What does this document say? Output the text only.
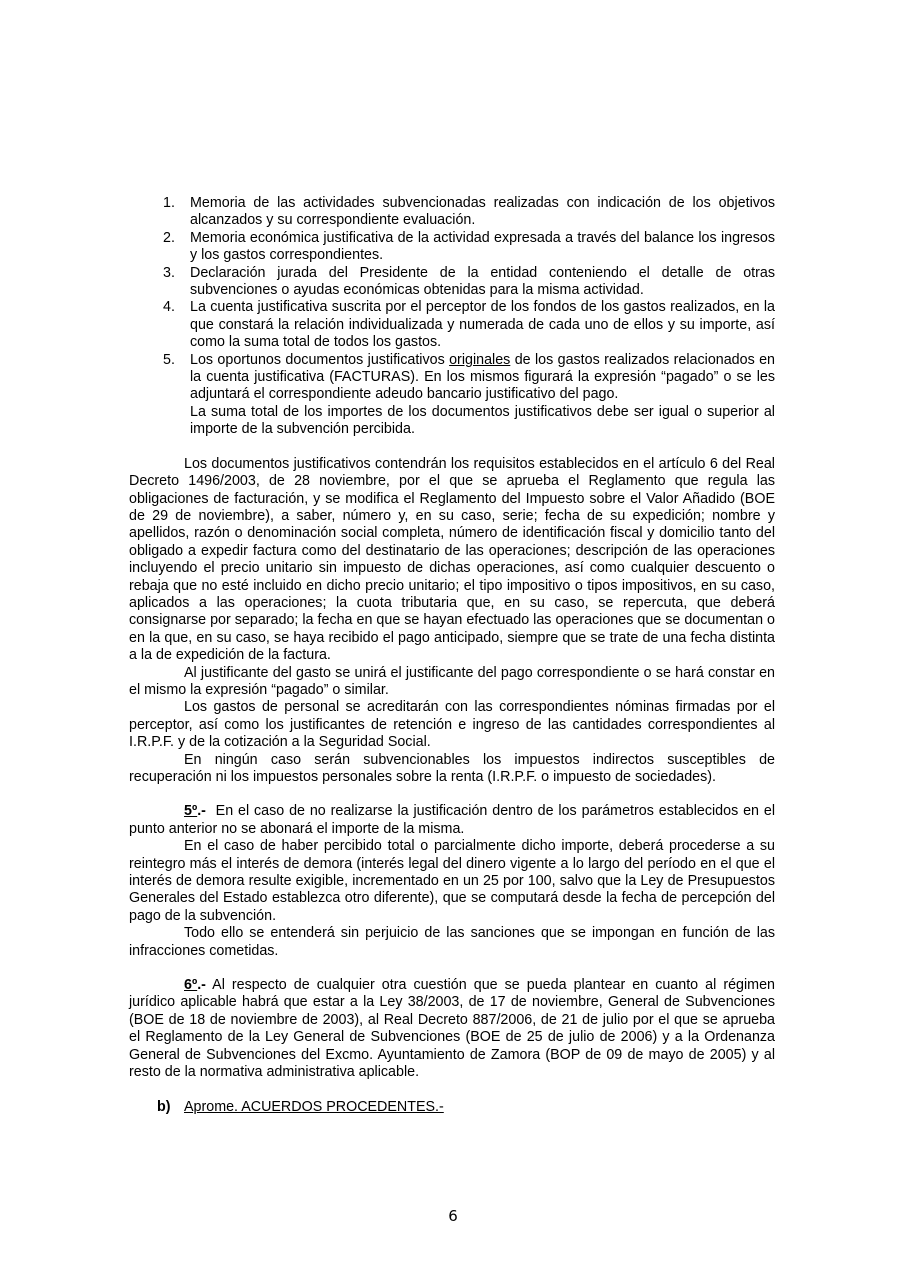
1. Memoria de las actividades subvencionadas realizadas con indicación de los objetivos alcanzados y su correspondiente evaluación.
2. Memoria económica justificativa de la actividad expresada a través del balance los ingresos y los gastos correspondientes.
3. Declaración jurada del Presidente de la entidad conteniendo el detalle de otras subvenciones o ayudas económicas obtenidas para la misma actividad.
4. La cuenta justificativa suscrita por el perceptor de los fondos de los gastos realizados, en la que constará la relación individualizada y numerada de cada uno de ellos y su importe, así como la suma total de todos los gastos.
5. Los oportunos documentos justificativos originales de los gastos realizados relacionados en la cuenta justificativa (FACTURAS). En los mismos figurará la expresión “pagado” o se les adjuntará el correspondiente adeudo bancario justificativo del pago.
La suma total de los importes de los documentos justificativos debe ser igual o superior al importe de la subvención percibida.

Los documentos justificativos contendrán los requisitos establecidos en el artículo 6 del Real Decreto 1496/2003, de 28 noviembre, por el que se aprueba el Reglamento que regula las obligaciones de facturación, y se modifica el Reglamento del Impuesto sobre el Valor Añadido (BOE de 29 de noviembre), a saber, número y, en su caso, serie; fecha de su expedición; nombre y apellidos, razón o denominación social completa, número de identificación fiscal y domicilio tanto del obligado a expedir factura como del destinatario de las operaciones; descripción de las operaciones incluyendo el precio unitario sin impuesto de dichas operaciones, así como cualquier descuento o rebaja que no esté incluido en dicho precio unitario; el tipo impositivo o tipos impositivos, en su caso, aplicados a las operaciones; la cuota tributaria que, en su caso, se repercuta, que deberá consignarse por separado; la fecha en que se hayan efectuado las operaciones que se documentan o en la que, en su caso, se haya recibido el pago anticipado, siempre que se trate de una fecha distinta a la de expedición de la factura.

Al justificante del gasto se unirá el justificante del pago correspondiente o se hará constar en el mismo la expresión “pagado” o similar.

Los gastos de personal se acreditarán con las correspondientes nóminas firmadas por el perceptor, así como los justificantes de retención e ingreso de las cantidades correspondientes al I.R.P.F. y de la cotización a la Seguridad Social.

En ningún caso serán subvencionables los impuestos indirectos susceptibles de recuperación ni los impuestos personales sobre la renta (I.R.P.F. o impuesto de sociedades).

5º.-  En el caso de no realizarse la justificación dentro de los parámetros establecidos en el punto anterior no se abonará el importe de la misma.

En el caso de haber percibido total o parcialmente dicho importe, deberá procederse a su reintegro más el interés de demora (interés legal del dinero vigente a lo largo del período en el que el interés de demora resulte exigible, incrementado en un 25 por 100, salvo que la Ley de Presupuestos Generales del Estado establezca otro diferente), que se computará desde la fecha de percepción del pago de la subvención.

Todo ello se entenderá sin perjuicio de las sanciones que se impongan en función de las infracciones cometidas.

6º.- Al respecto de cualquier otra cuestión que se pueda plantear en cuanto al régimen jurídico aplicable habrá que estar a la Ley 38/2003, de 17 de noviembre, General de Subvenciones (BOE de 18 de noviembre de 2003), al Real Decreto 887/2006, de 21 de julio por el que se aprueba el Reglamento de la Ley General de Subvenciones (BOE de 25 de julio de 2006) y a la Ordenanza General de Subvenciones del Excmo. Ayuntamiento de Zamora (BOP de 09 de mayo de 2005) y al resto de la normativa administrativa aplicable.

b) Aprome. ACUERDOS PROCEDENTES.-

6
